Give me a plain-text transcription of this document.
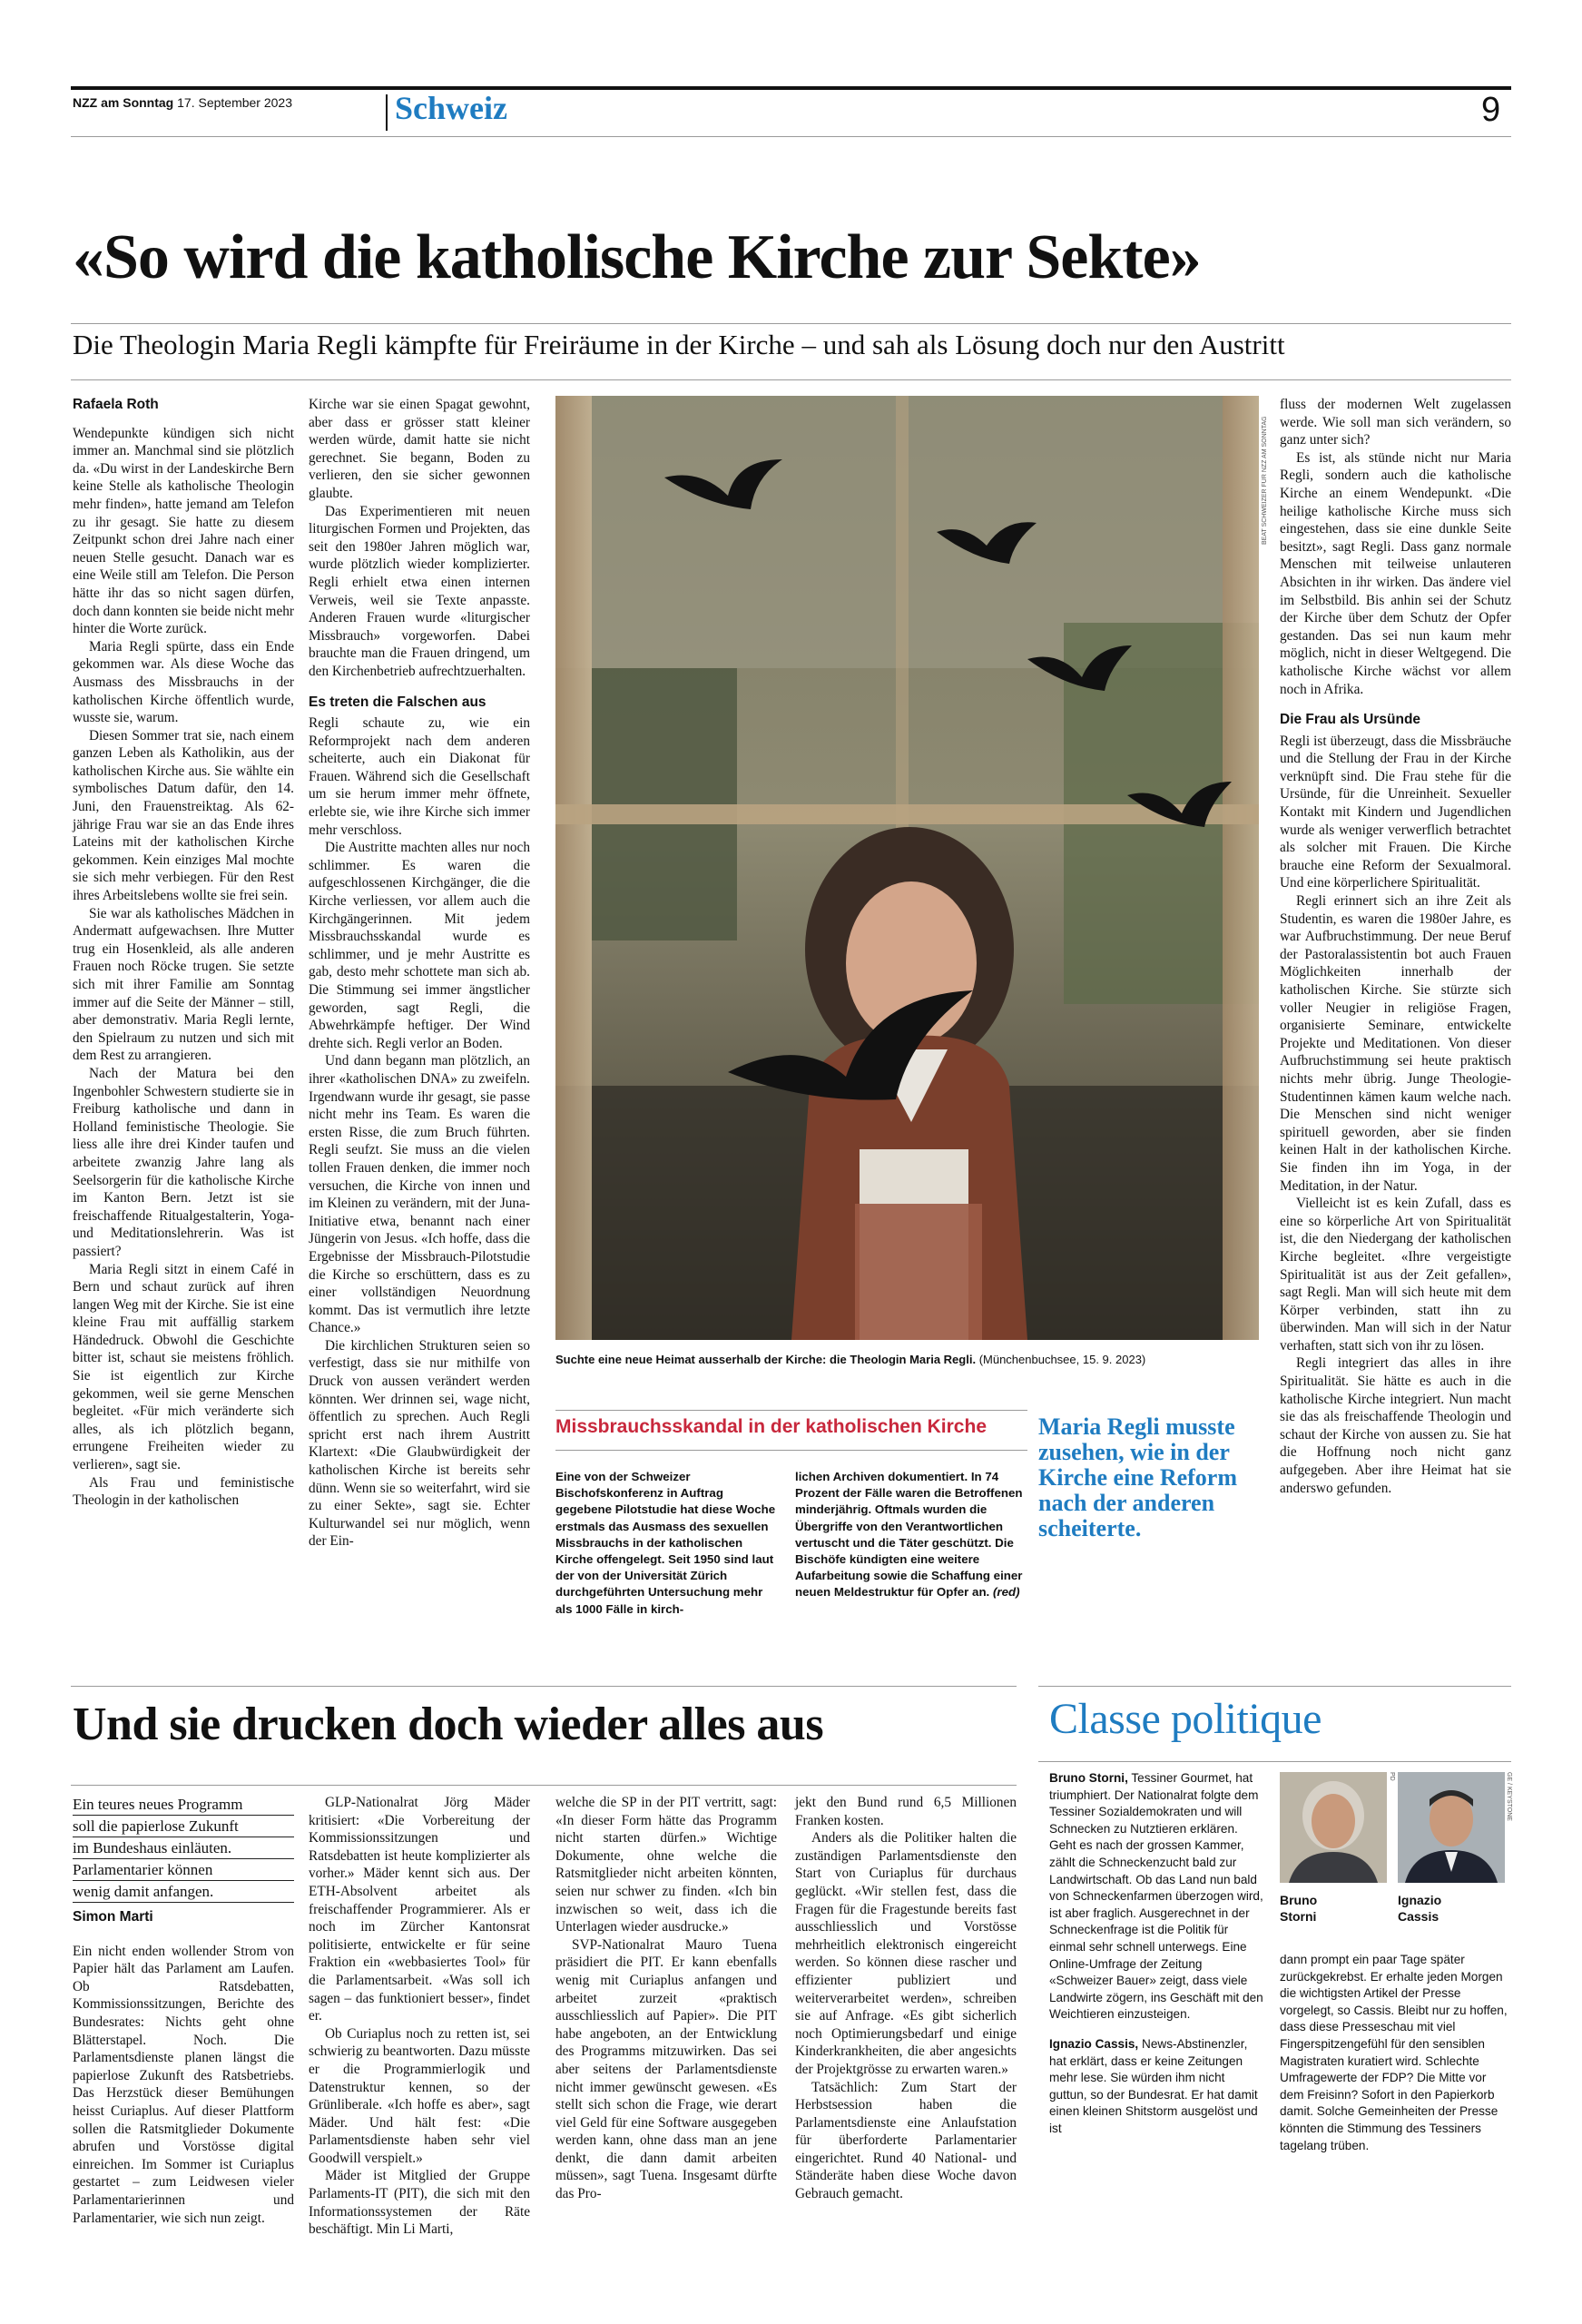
NZZ am Sonntag 17. September 2023	Schweiz	9
«So wird die katholische Kirche zur Sekte»
Die Theologin Maria Regli kämpfte für Freiräume in der Kirche – und sah als Lösung doch nur den Austritt
Rafaela Roth

Wendepunkte kündigen sich nicht immer an. Manchmal sind sie plötzlich da. «Du wirst in der Landeskirche Bern keine Stelle als katholische Theologin mehr finden», hatte jemand am Telefon zu ihr gesagt. Sie hatte zu diesem Zeitpunkt schon drei Jahre nach einer neuen Stelle gesucht. Danach war es eine Weile still am Telefon. Die Person hätte ihr das so nicht sagen dürfen, doch dann konnten sie beide nicht mehr hinter die Worte zurück.

Maria Regli spürte, dass ein Ende gekommen war. Als diese Woche das Ausmass des Missbrauchs in der katholischen Kirche öffentlich wurde, wusste sie, warum.

Diesen Sommer trat sie, nach einem ganzen Leben als Katholikin, aus der katholischen Kirche aus. Sie wählte ein symbolisches Datum dafür, den 14. Juni, den Frauenstreiktag. Als 62-jährige Frau war sie an das Ende ihres Lateins mit der katholischen Kirche gekommen. Kein einziges Mal mochte sie sich mehr verbiegen. Für den Rest ihres Arbeitslebens wollte sie frei sein.

Sie war als katholisches Mädchen in Andermatt aufgewachsen. Ihre Mutter trug ein Hosenkleid, als alle anderen Frauen noch Röcke trugen. Sie setzte sich mit ihrer Familie am Sonntag immer auf die Seite der Männer – still, aber demonstrativ. Maria Regli lernte, den Spielraum zu nutzen und sich mit dem Rest zu arrangieren.

Nach der Matura bei den Ingenbohler Schwestern studierte sie in Freiburg katholische und dann in Holland feministische Theologie. Sie liess alle ihre drei Kinder taufen und arbeitete zwanzig Jahre lang als Seelsorgerin für die katholische Kirche im Kanton Bern. Jetzt ist sie freischaffende Ritualgestalterin, Yoga- und Meditationslehrerin. Was ist passiert?

Maria Regli sitzt in einem Café in Bern und schaut zurück auf ihren langen Weg mit der Kirche. Sie ist eine kleine Frau mit auffällig starkem Händedruck. Obwohl die Geschichte bitter ist, schaut sie meistens fröhlich. Sie ist eigentlich zur Kirche gekommen, weil sie gerne Menschen begleitet. «Für mich veränderte sich alles, als ich plötzlich begann, errungene Freiheiten wieder zu verlieren», sagt sie.

Als Frau und feministische Theologin in der katholischen

Kirche war sie einen Spagat gewohnt, aber dass er grösser statt kleiner werden würde, damit hatte sie nicht gerechnet. Sie begann, Boden zu verlieren, den sie sicher gewonnen glaubte.

Das Experimentieren mit neuen liturgischen Formen und Projekten, das seit den 1980er Jahren möglich war, wurde plötzlich wieder komplizierter. Regli erhielt etwa einen internen Verweis, weil sie Texte anpasste. Anderen Frauen wurde «liturgischer Missbrauch» vorgeworfen. Dabei brauchte man die Frauen dringend, um den Kirchenbetrieb aufrechtzuerhalten.

Es treten die Falschen aus

Regli schaute zu, wie ein Reformprojekt nach dem anderen scheiterte, auch ein Diakonat für Frauen. Während sich die Gesellschaft um sie herum immer mehr öffnete, erlebte sie, wie ihre Kirche sich immer mehr verschloss.

Die Austritte machten alles nur noch schlimmer. Es waren die aufgeschlossenen Kirchgänger, die die Kirche verliessen, vor allem auch die Kirchgängerinnen. Mit jedem Missbrauchsskandal wurde es schlimmer, und je mehr Austritte es gab, desto mehr schottete man sich ab. Die Stimmung sei immer ängstlicher geworden, sagt Regli, die Abwehrkämpfe heftiger. Der Wind drehte sich. Regli verlor an Boden.

Und dann begann man plötzlich, an ihrer «katholischen DNA» zu zweifeln. Irgendwann wurde ihr gesagt, sie passe nicht mehr ins Team. Es waren die ersten Risse, die zum Bruch führten. Regli seufzt. Sie muss an die vielen tollen Frauen denken, die immer noch versuchen, die Kirche von innen und im Kleinen zu verändern, mit der Juna-Initiative etwa, benannt nach einer Jüngerin von Jesus. «Ich hoffe, dass die Ergebnisse der Missbrauch-Pilotstudie die Kirche so erschüttern, dass es zu einer vollständigen Neuordnung kommt. Das ist vermutlich ihre letzte Chance.»

Die kirchlichen Strukturen seien so verfestigt, dass sie nur mithilfe von Druck von aussen verändert werden könnten. Wer drinnen sei, wage nicht, öffentlich zu sprechen. Auch Regli spricht erst nach ihrem Austritt Klartext: «Die Glaubwürdigkeit der katholischen Kirche ist bereits sehr dünn. Wenn sie so weiterfahrt, wird sie zu einer Sekte», sagt sie. Echter Kulturwandel sei nur möglich, wenn der Ein-

BEAT SCHWEIZER FÜR NZZ AM SONNTAG
Suchte eine neue Heimat ausserhalb der Kirche: die Theologin Maria Regli. (Münchenbuchsee, 15. 9. 2023)
Missbrauchsskandal in der katholischen Kirche

Eine von der Schweizer Bischofskonferenz in Auftrag gegebene Pilotstudie hat diese Woche erstmals das Ausmass des sexuellen Missbrauchs in der katholischen Kirche offengelegt. Seit 1950 sind laut der von der Universität Zürich durchgeführten Untersuchung mehr als 1000 Fälle in kirch-

lichen Archiven dokumentiert. In 74 Prozent der Fälle waren die Betroffenen minderjährig. Oftmals wurden die Übergriffe von den Verantwortlichen vertuscht und die Täter geschützt. Die Bischöfe kündigten eine weitere Aufarbeitung sowie die Schaffung einer neuen Meldestruktur für Opfer an. (red)

Maria Regli musste zusehen, wie in der Kirche eine Reform nach der anderen scheiterte.

fluss der modernen Welt zugelassen werde. Wie soll man sich verändern, so ganz unter sich?

Es ist, als stünde nicht nur Maria Regli, sondern auch die katholische Kirche an einem Wendepunkt. «Die heilige katholische Kirche muss sich eingestehen, dass sie eine dunkle Seite besitzt», sagt Regli. Dass ganz normale Menschen mit teilweise unlauteren Absichten in ihr wirken. Das ändere viel im Selbstbild. Bis anhin sei der Schutz der Kirche über dem Schutz der Opfer gestanden. Das sei nun kaum mehr möglich, nicht in dieser Weltgegend. Die katholische Kirche wächst vor allem noch in Afrika.

Die Frau als Ursünde

Regli ist überzeugt, dass die Missbräuche und die Stellung der Frau in der Kirche verknüpft sind. Die Frau stehe für die Ursünde, für die Unreinheit. Sexueller Kontakt mit Kindern und Jugendlichen wurde als weniger verwerflich betrachtet als solcher mit Frauen. Die Kirche brauche eine Reform der Sexualmoral. Und eine körperlichere Spiritualität.

Regli erinnert sich an ihre Zeit als Studentin, es waren die 1980er Jahre, es war Aufbruchstimmung. Der neue Beruf der Pastoralassistentin bot auch Frauen Möglichkeiten innerhalb der katholischen Kirche. Sie stürzte sich voller Neugier in religiöse Fragen, organisierte Seminare, entwickelte Projekte und Meditationen. Von dieser Aufbruchstimmung sei heute praktisch nichts mehr übrig. Junge Theologie-Studentinnen kämen kaum welche nach. Die Menschen sind nicht weniger spirituell geworden, aber sie finden keinen Halt in der katholischen Kirche. Sie finden ihn im Yoga, in der Meditation, in der Natur.

Vielleicht ist es kein Zufall, dass es eine so körperliche Art von Spiritualität ist, die den Niedergang der katholischen Kirche begleitet. «Ihre vergeistigte Spiritualität ist aus der Zeit gefallen», sagt Regli. Man will sich heute mit dem Körper verbinden, statt ihn zu überwinden. Man will sich in der Natur verhaften, statt sich von ihr zu lösen.

Regli integriert das alles in ihre Spiritualität. Sie hätte es auch in die katholische Kirche integriert. Nun macht sie das als freischaffende Theologin und schaut der Kirche von aussen zu. Sie hat die Hoffnung noch nicht ganz aufgegeben. Aber ihre Heimat hat sie anderswo gefunden.

Und sie drucken doch wieder alles aus
Ein teures neues Programm
soll die papierlose Zukunft
im Bundeshaus einläuten.
Parlamentarier können
wenig damit anfangen.
Simon Marti

Ein nicht enden wollender Strom von Papier hält das Parlament am Laufen. Ob Ratsdebatten, Kommissionssitzungen, Berichte des Bundesrates: Nichts geht ohne Blätterstapel. Noch. Die Parlamentsdienste planen längst die papierlose Zukunft des Ratsbetriebs. Das Herzstück dieser Bemühungen heisst Curiaplus. Auf dieser Plattform sollen die Ratsmitglieder Dokumente abrufen und Vorstösse digital einreichen. Im Sommer ist Curiaplus gestartet – zum Leidwesen vieler Parlamentarierinnen und Parlamentarier, wie sich nun zeigt.

GLP-Nationalrat Jörg Mäder kritisiert: «Die Vorbereitung der Kommissionssitzungen und Ratsdebatten ist heute komplizierter als vorher.» Mäder kennt sich aus. Der ETH-Absolvent arbeitet als freischaffender Programmierer. Als er noch im Zürcher Kantonsrat politisierte, entwickelte er für seine Fraktion ein «webbasiertes Tool» für die Parlamentsarbeit. «Was soll ich sagen – das funktioniert besser», findet er.

Ob Curiaplus noch zu retten ist, sei schwierig zu beantworten. Dazu müsste er die Programmierlogik und Datenstruktur kennen, so der Grünliberale. «Ich hoffe es aber», sagt Mäder. Und hält fest: «Die Parlamentsdienste haben sehr viel Goodwill verspielt.»

Mäder ist Mitglied der Gruppe Parlaments-IT (PIT), die sich mit den Informationssystemen der Räte beschäftigt. Min Li Marti,

welche die SP in der PIT vertritt, sagt: «In dieser Form hätte das Programm nicht starten dürfen.» Wichtige Dokumente, ohne welche die Ratsmitglieder nicht arbeiten könnten, seien nur schwer zu finden. «Ich bin inzwischen so weit, dass ich die Unterlagen wieder ausdrucke.»

SVP-Nationalrat Mauro Tuena präsidiert die PIT. Er kann ebenfalls wenig mit Curiaplus anfangen und arbeitet zurzeit «praktisch ausschliesslich auf Papier». Die PIT habe angeboten, an der Entwicklung des Programms mitzuwirken. Das sei aber seitens der Parlamentsdienste nicht immer gewünscht gewesen. «Es stellt sich schon die Frage, wie derart viel Geld für eine Software ausgegeben werden kann, ohne dass man an jene denkt, die dann damit arbeiten müssen», sagt Tuena. Insgesamt dürfte das Pro-

jekt den Bund rund 6,5 Millionen Franken kosten.

Anders als die Politiker halten die zuständigen Parlamentsdienste den Start von Curiaplus für durchaus geglückt. «Wir stellen fest, dass die Fragen für die Fragestunde bereits fast ausschliesslich und Vorstösse mehrheitlich elektronisch eingereicht werden. So können diese rascher und effizienter publiziert und weiterverarbeitet werden», schreiben sie auf Anfrage. «Es gibt sicherlich noch Optimierungsbedarf und einige Kinderkrankheiten, die aber angesichts der Projektgrösse zu erwarten waren.»

Tatsächlich: Zum Start der Herbstsession haben die Parlamentsdienste eine Anlaufstation für überforderte Parlamentarier eingerichtet. Rund 40 National- und Ständeräte haben diese Woche davon Gebrauch gemacht.

Classe politique

Bruno Storni, Tessiner Gourmet, hat triumphiert. Der Nationalrat folgte dem Tessiner Sozialdemokraten und will Schnecken zu Nutztieren erklären. Geht es nach der grossen Kammer, zählt die Schneckenzucht bald zur Landwirtschaft. Ob das Land nun bald von Schneckenfarmen überzogen wird, ist aber fraglich. Ausgerechnet in der Schneckenfrage ist die Politik für einmal sehr schnell unterwegs. Eine Online-Umfrage der Zeitung «Schweizer Bauer» zeigt, dass viele Landwirte zögern, ins Geschäft mit den Weichtieren einzusteigen.

Ignazio Cassis, News-Abstinenzler, hat erklärt, dass er keine Zeitungen mehr lese. Sie würden ihm nicht guttun, so der Bundesrat. Er hat damit einen kleinen Shitstorm ausgelöst und ist

PD	GE / KEYSTONE
Bruno Storni
Ignazio Cassis

dann prompt ein paar Tage später zurückgekrebst. Er erhalte jeden Morgen die wichtigsten Artikel der Presse vorgelegt, so Cassis. Bleibt nur zu hoffen, dass diese Presseschau mit viel Fingerspitzengefühl für den sensiblen Magistraten kuratiert wird. Schlechte Umfragewerte der FDP? Die Mitte vor dem Freisinn? Sofort in den Papierkorb damit. Solche Gemeinheiten der Presse könnten die Stimmung des Tessiners tagelang trüben.
